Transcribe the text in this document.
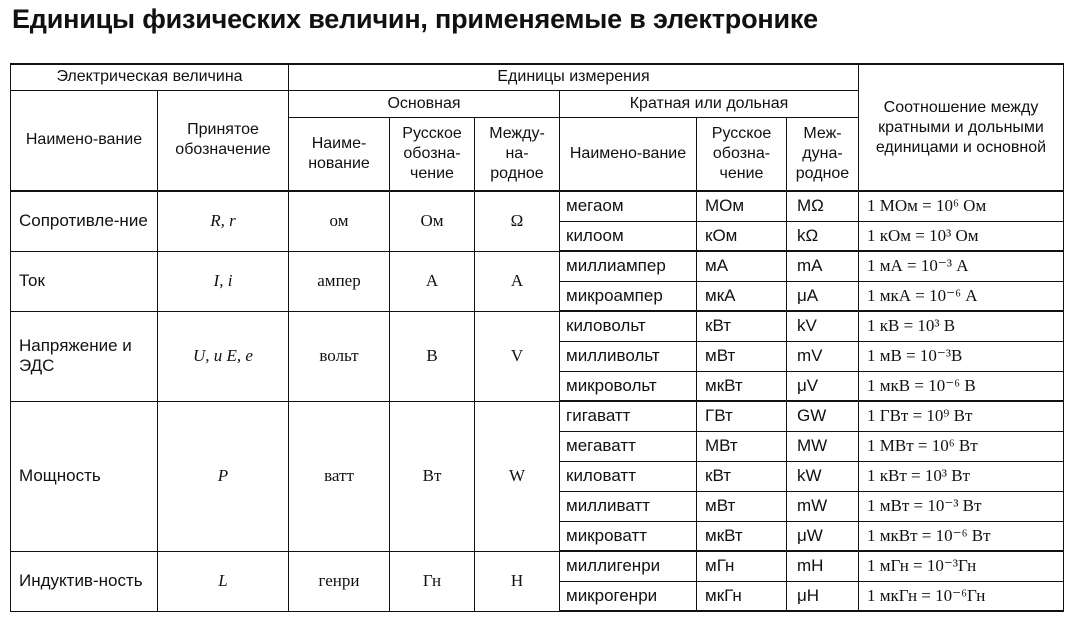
Единицы физических величин, применяемые в электронике
Электрическая величина		Единицы измерения						Соотношение между кратными и дольными единицами и основной
Наимено-вание	Принятое обозначение	Основная			Кратная или дольная			
		Наиме-нование	Русское обозна-чение	Между-на-родное	Наимено-вание	Русское обозна-чение	Меж-дуна-родное	
Сопротивле-ние	R, r	ом	Ом	Ω	мегаом	МОм	MΩ	1 МОм = 10⁶ Ом
					килоом	кОм	kΩ	1 кОм = 10³ Ом
Ток	I, i	ампер	А	А	миллиампер	мА	mA	1 мА = 10⁻³ А
					микроампер	мкА	μA	1 мкА = 10⁻⁶ А
Напряжение и ЭДС	U, u E, e	вольт	В	V	киловольт	кВт	kV	1 кВ = 10³ В
					милливольт	мВт	mV	1 мВ = 10⁻³В
					микровольт	мкВт	μV	1 мкВ = 10⁻⁶ В
Мощность	P	ватт	Вт	W	гигаватт	ГВт	GW	1 ГВт = 10⁹ Вт
					мегаватт	МВт	MW	1 МВт = 10⁶ Вт
					киловатт	кВт	kW	1 кВт = 10³ Вт
					милливатт	мВт	mW	1 мВт = 10⁻³ Вт
					микроватт	мкВт	μW	1 мкВт = 10⁻⁶ Вт
Индуктив-ность	L	генри	Гн	Н	миллигенри	мГн	mH	1 мГн = 10⁻³Гн
					микрогенри	мкГн	μH	1 мкГн = 10⁻⁶Гн
